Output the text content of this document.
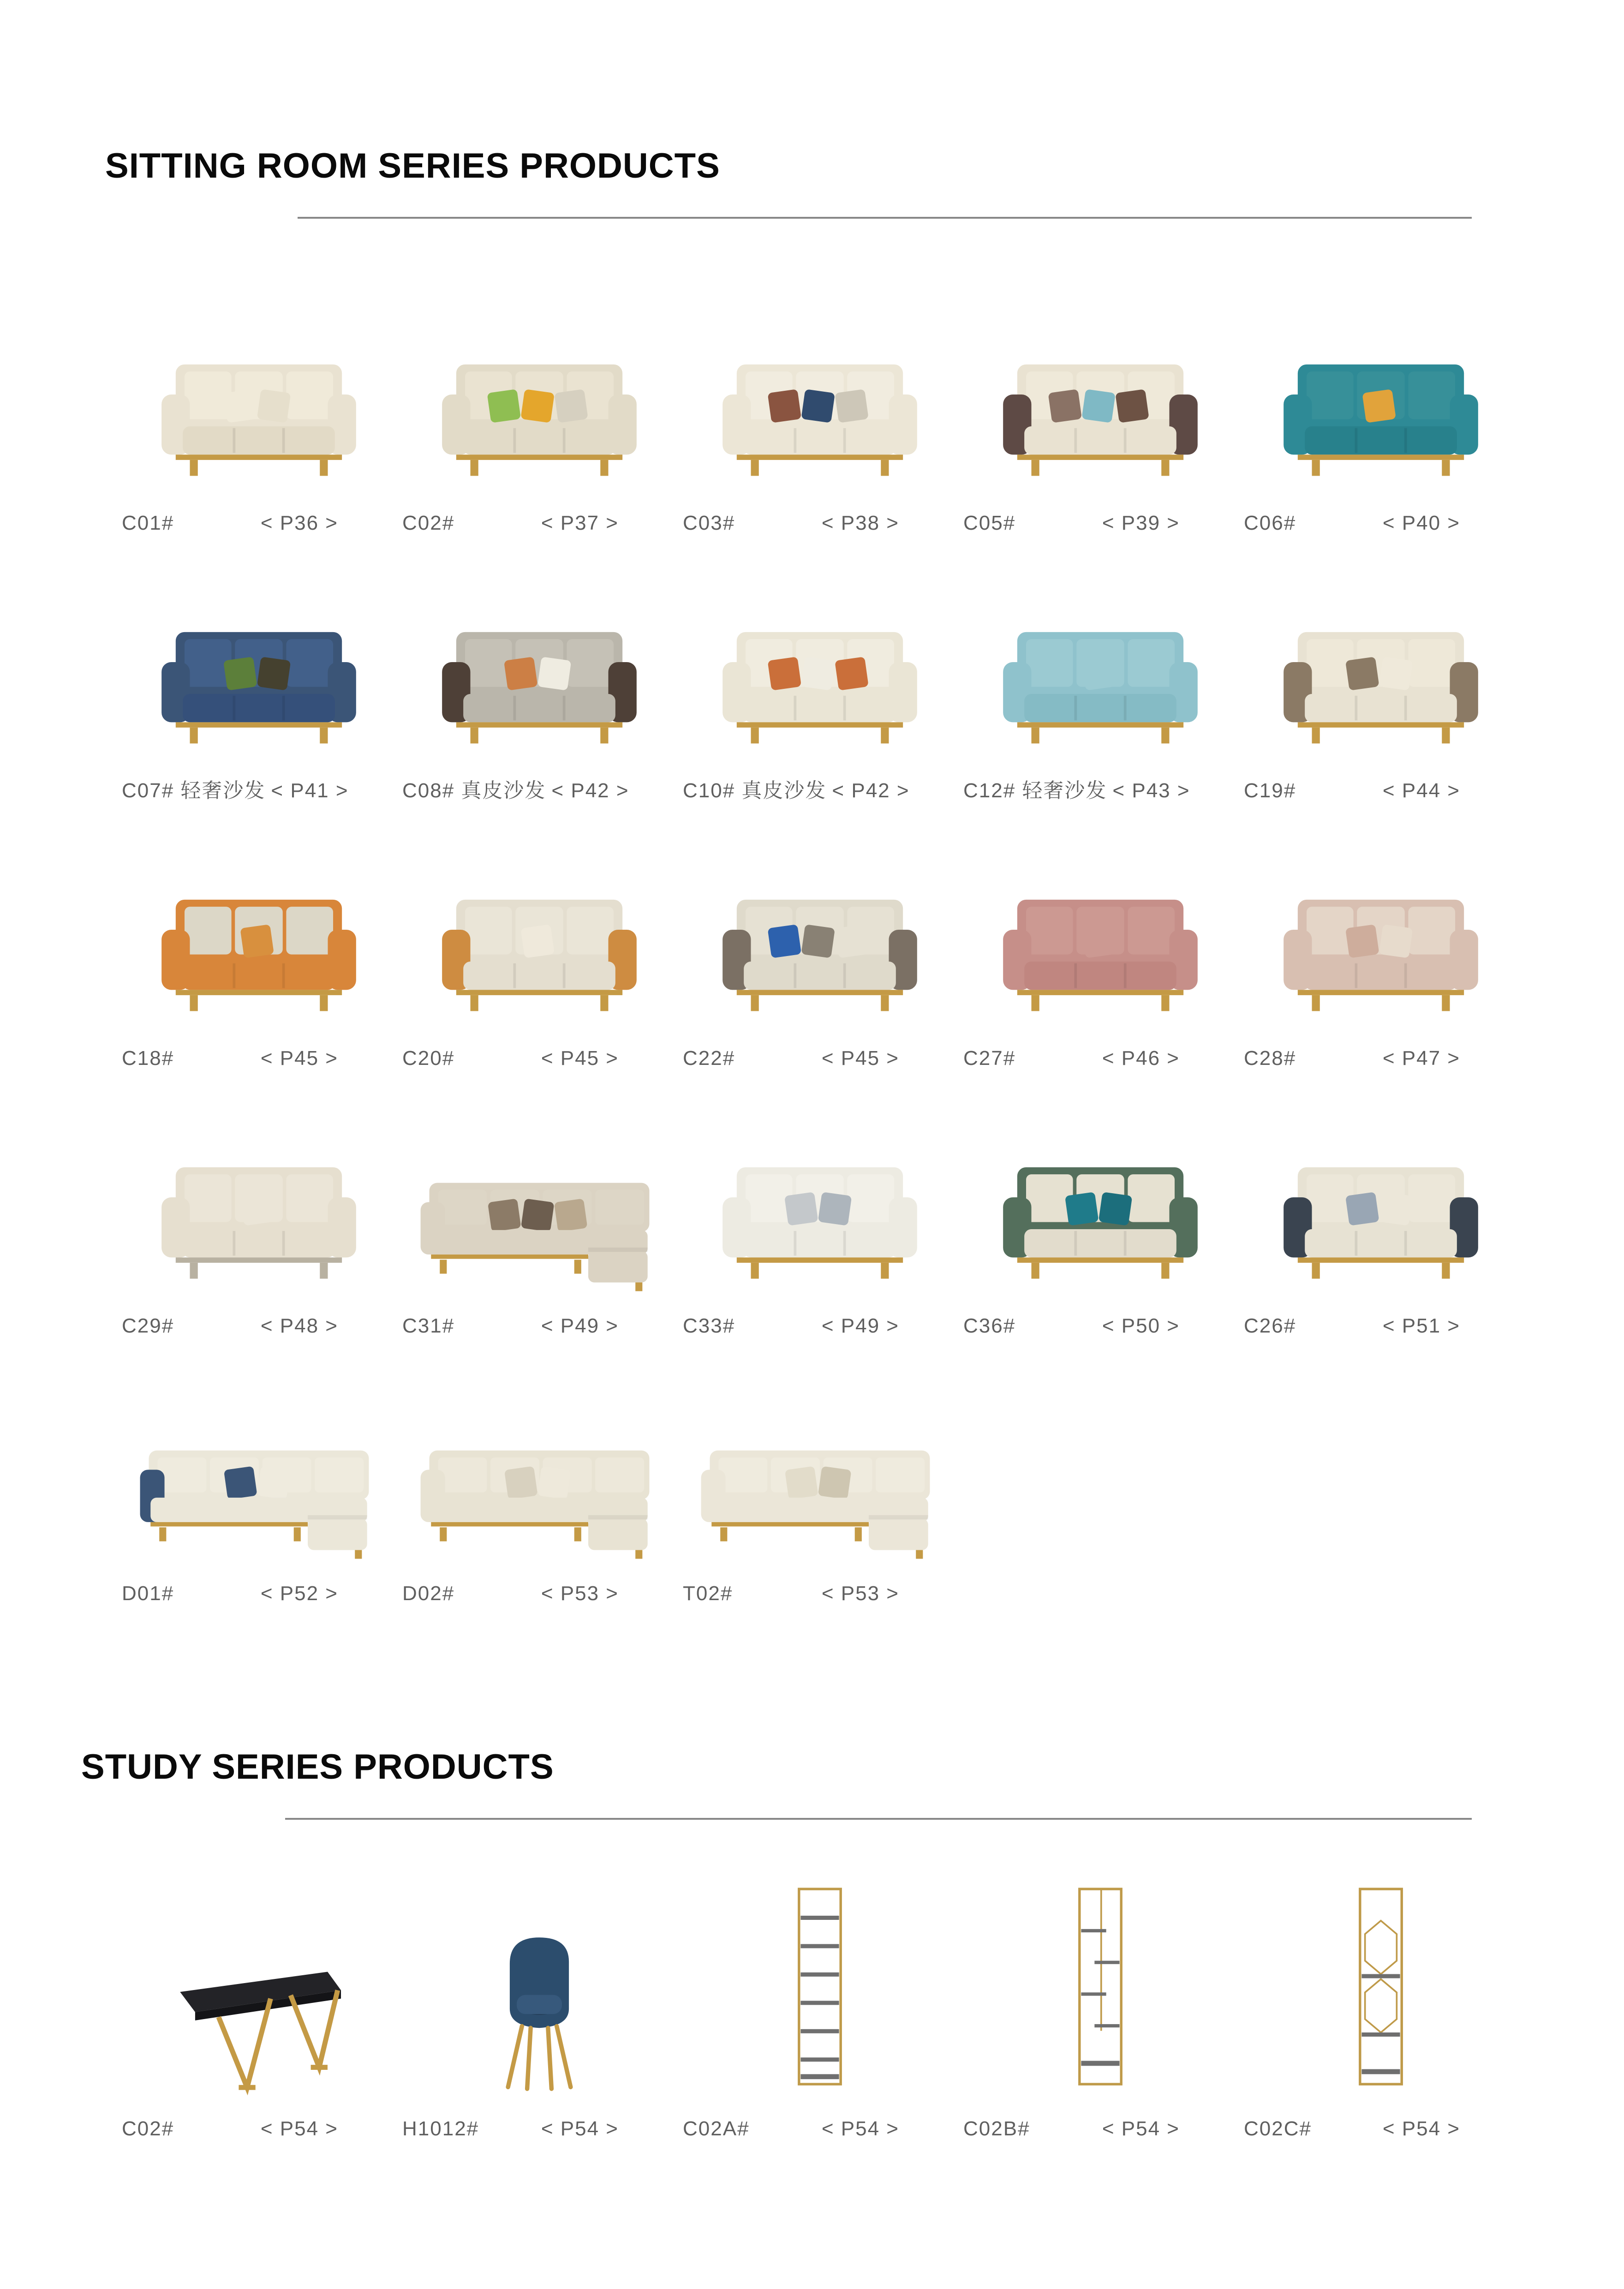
SITTING ROOM SERIES PRODUCTS
C01#	< P36 >	C02#	< P37 >	C03#	< P38 >	C05#	< P39 >	C06#	< P40 >
C07# 轻奢沙发 < P41 >	C08# 真皮沙发 < P42 >	C10# 真皮沙发 < P42 >	C12# 轻奢沙发 < P43 >	C19#	< P44 >
C18#	< P45 >	C20#	< P45 >	C22#	< P45 >	C27#	< P46 >	C28#	< P47 >
C29#	< P48 >	C31#	< P49 >	C33#	< P49 >	C36#	< P50 >	C26#	< P51 >
D01#	< P52 >	D02#	< P53 >	T02#	< P53 >
STUDY SERIES PRODUCTS
C02#	< P54 >	H1012#	< P54 >	C02A#	< P54 >	C02B#	< P54 >	C02C#	< P54 >
